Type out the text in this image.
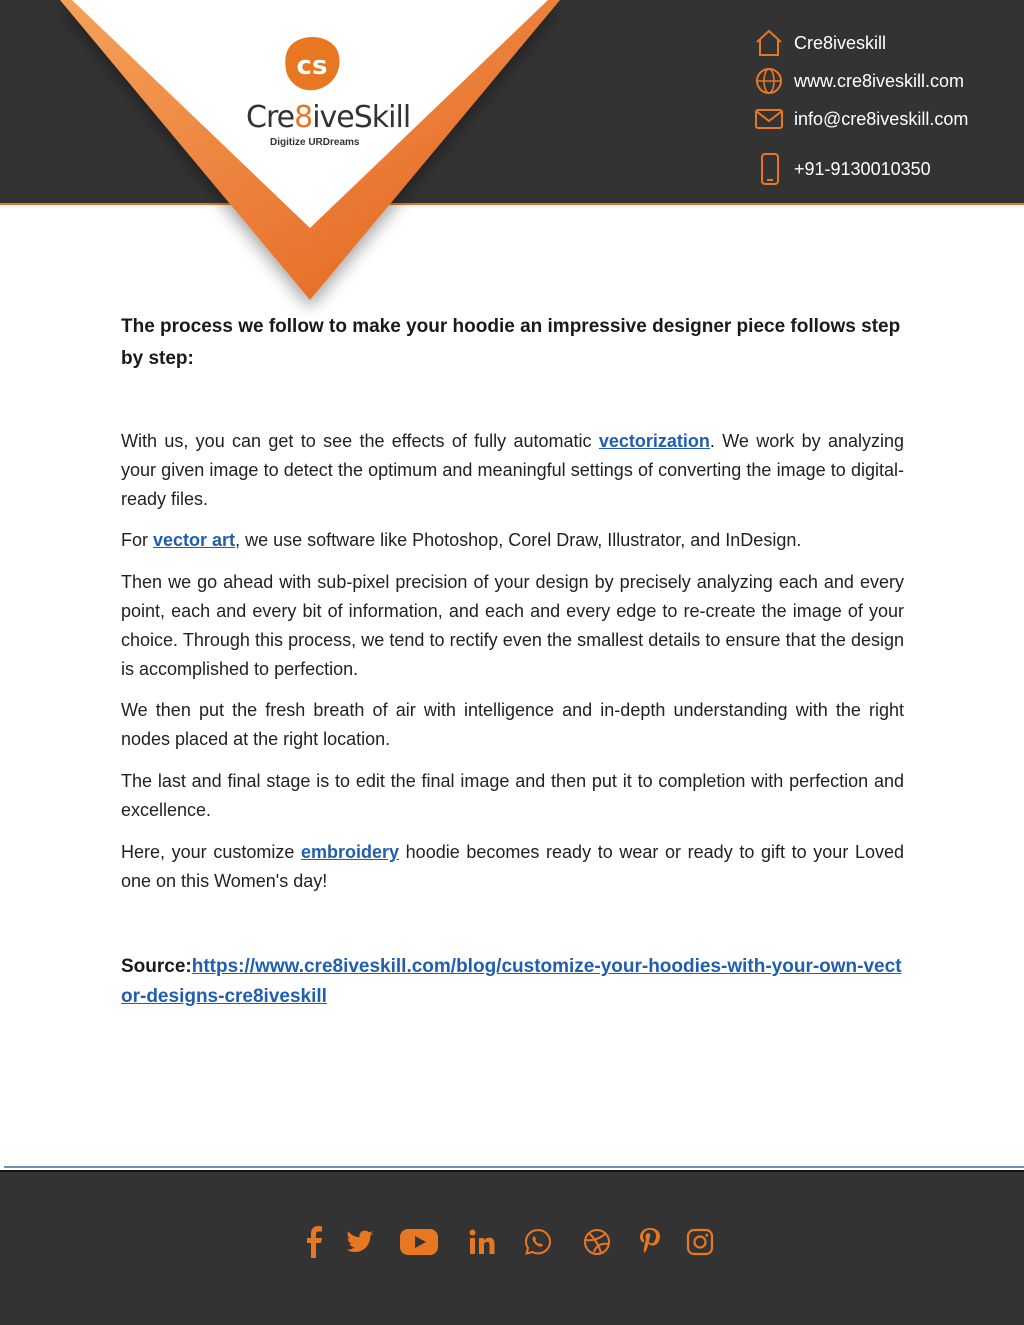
cs
Cre8iveSkill
Digitize URDreams
Cre8iveskill
www.cre8iveskill.com
info@cre8iveskill.com
+91-9130010350
The process we follow to make your hoodie an impressive designer piece follows step by step:

With us, you can get to see the effects of fully automatic vectorization. We work by analyzing your given image to detect the optimum and meaningful settings of converting the image to digital-ready files.

For vector art, we use software like Photoshop, Corel Draw, Illustrator, and InDesign.

Then we go ahead with sub-pixel precision of your design by precisely analyzing each and every point, each and every bit of information, and each and every edge to re-create the image of your choice. Through this process, we tend to rectify even the smallest details to ensure that the design is accomplished to perfection.

We then put the fresh breath of air with intelligence and in-depth understanding with the right nodes placed at the right location.

The last and final stage is to edit the final image and then put it to completion with perfection and excellence.

Here, your customize embroidery hoodie becomes ready to wear or ready to gift to your Loved one on this Women's day!

Source:https://www.cre8iveskill.com/blog/customize-your-hoodies-with-your-own-vector-designs-cre8iveskill
